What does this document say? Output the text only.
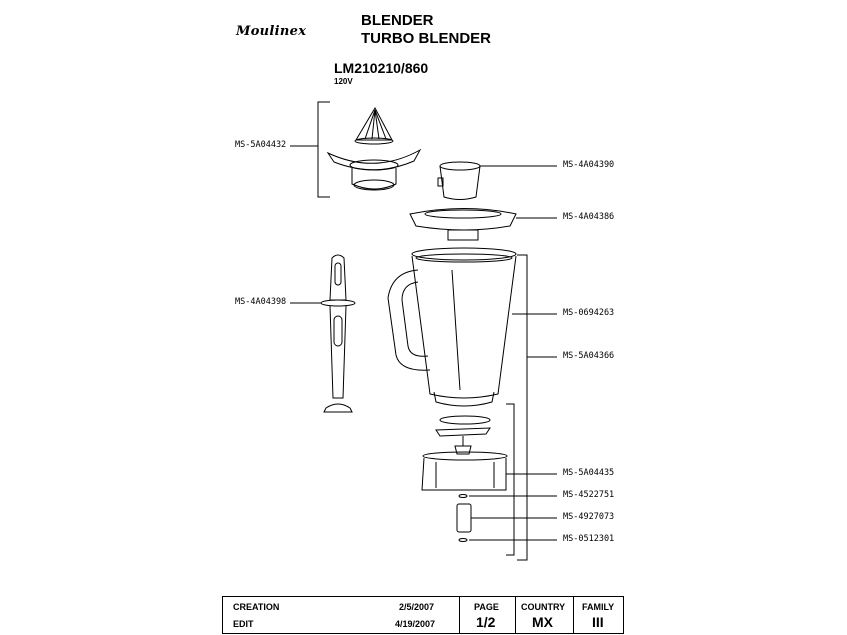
Moulinex
BLENDER
TURBO BLENDER
LM210210/860
120V
MS-5A04432
MS-4A04390
MS-4A04386
MS-4A04398
MS-0694263
MS-5A04366
MS-5A04435
MS-4522751
MS-4927073
MS-0512301
CREATION	2/5/2007
EDIT	4/19/2007
PAGE
1/2
COUNTRY
MX
FAMILY
III
